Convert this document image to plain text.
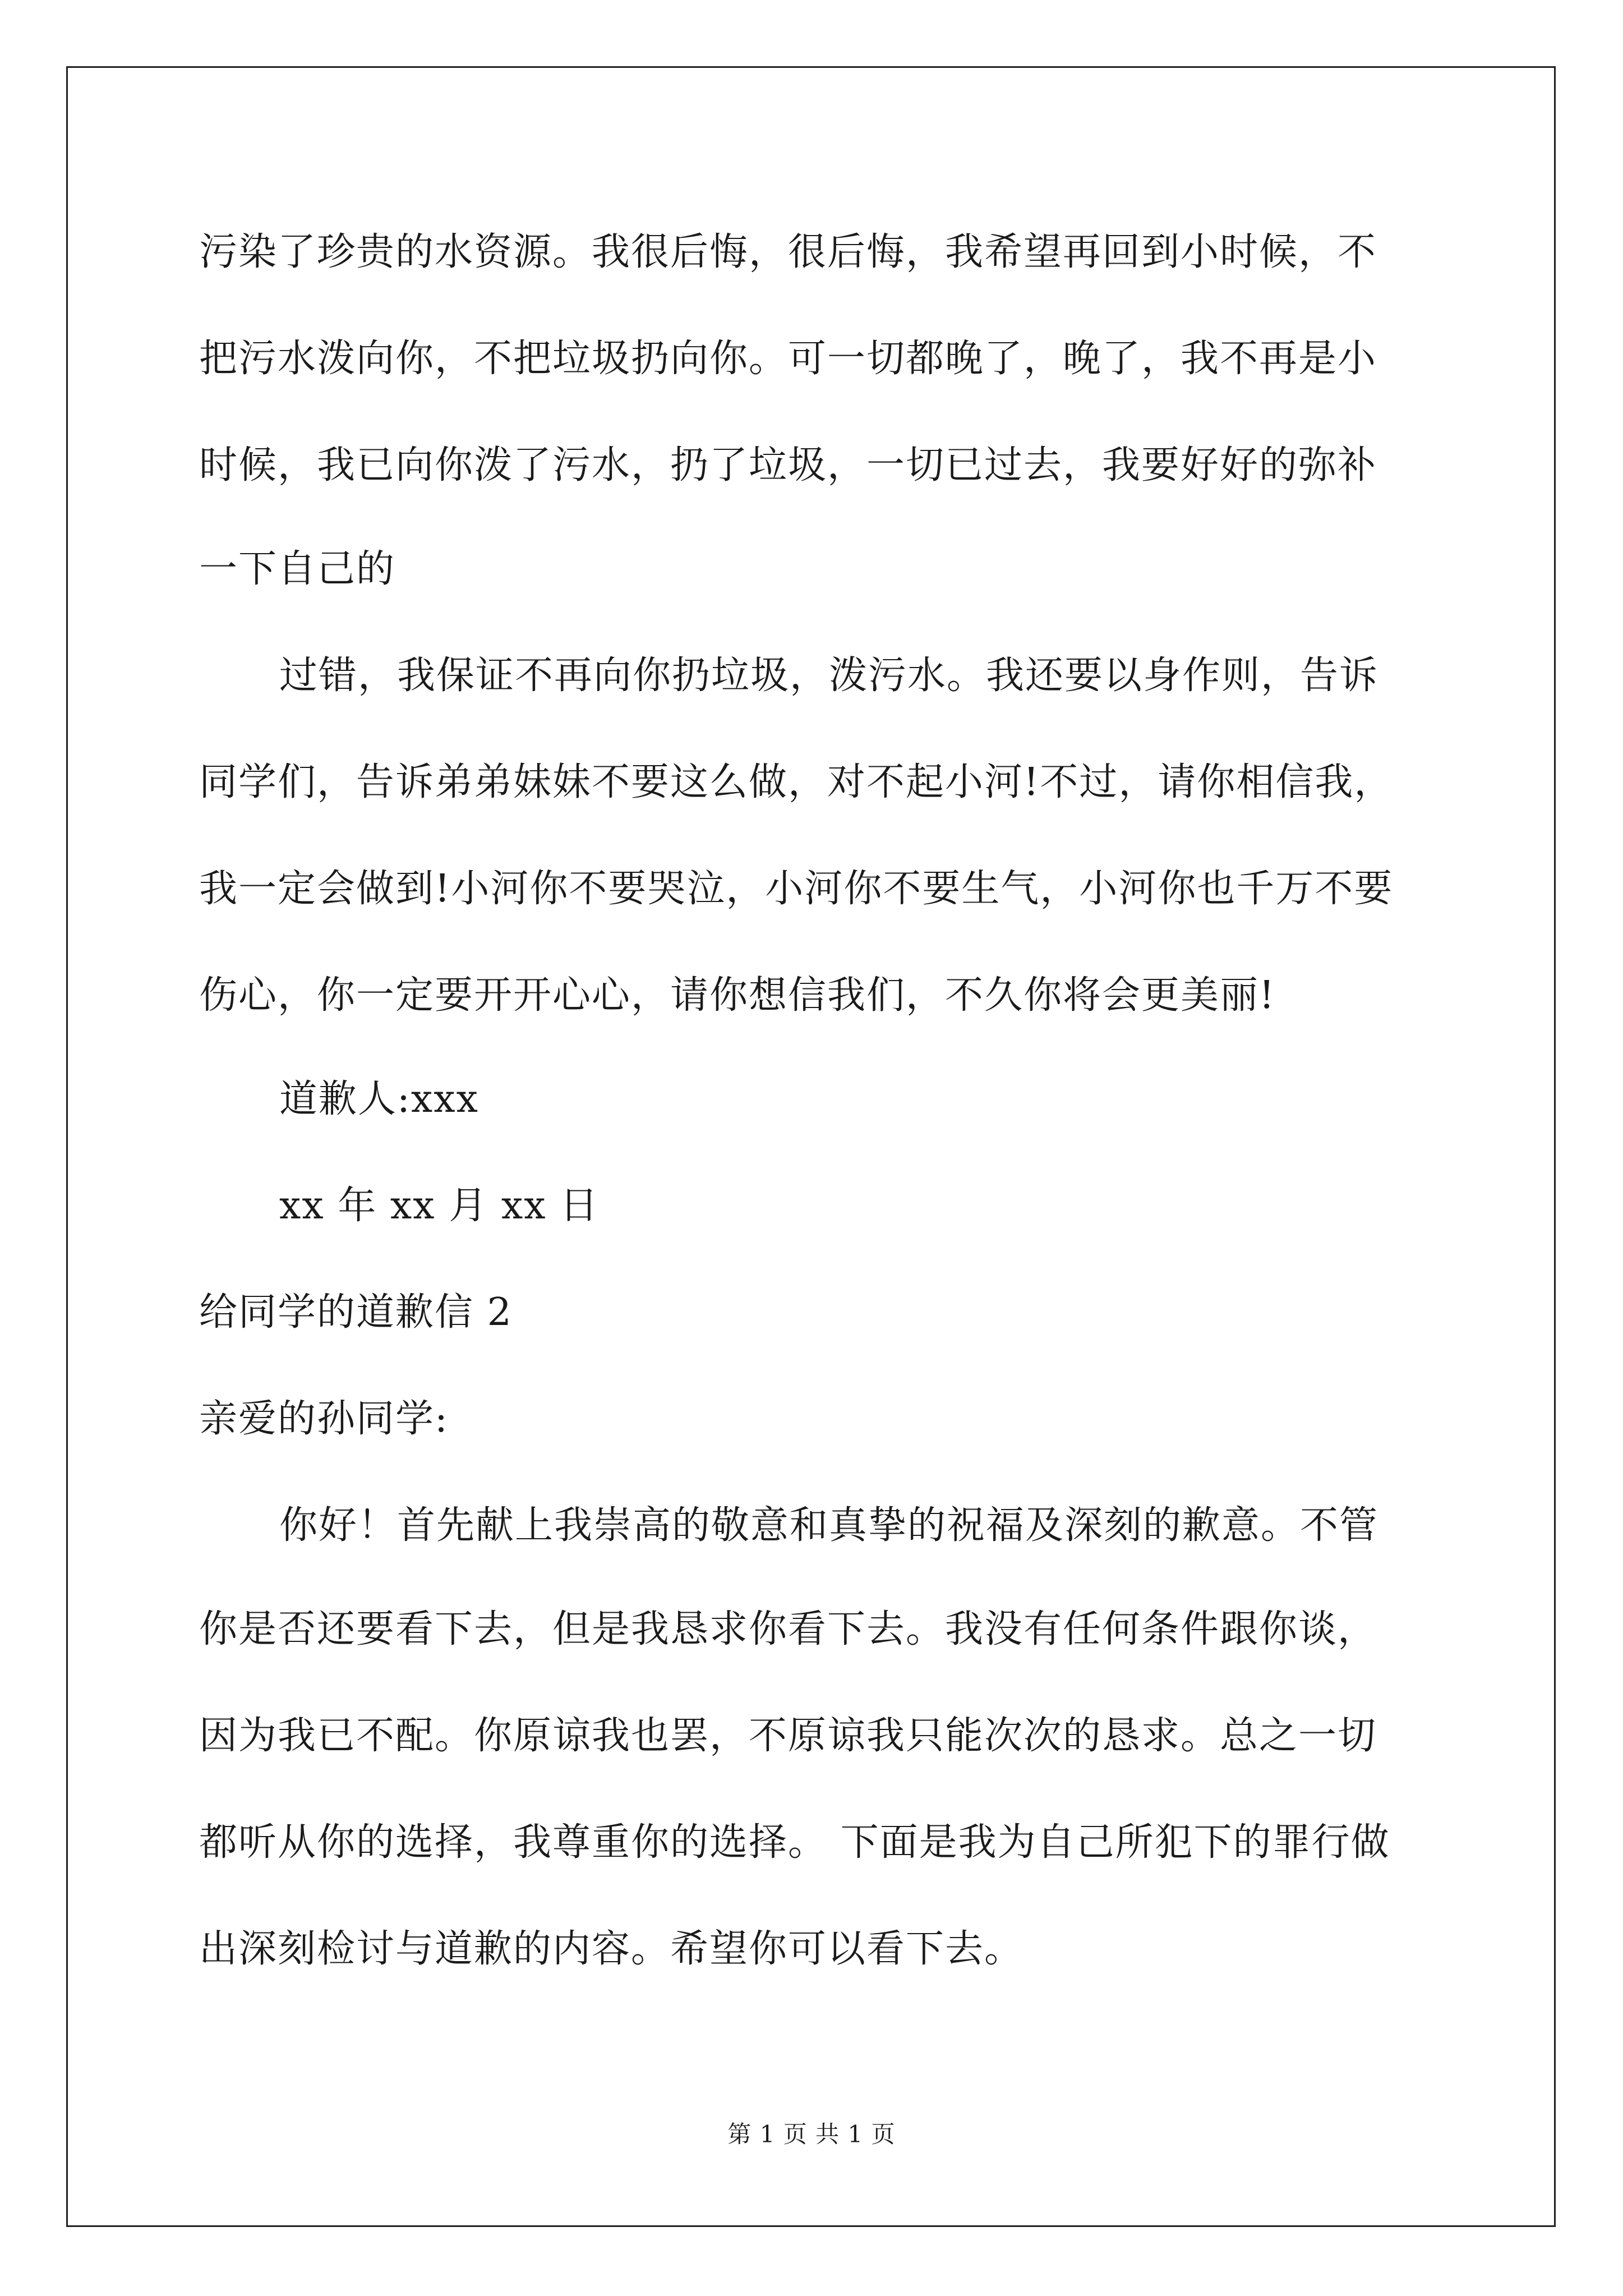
污染了珍贵的水资源。我很后悔，很后悔，我希望再回到小时候，不
把污水泼向你，不把垃圾扔向你。可一切都晚了，晚了，我不再是小
时候，我已向你泼了污水，扔了垃圾，一切已过去，我要好好的弥补
一下自己的
过错，我保证不再向你扔垃圾，泼污水。我还要以身作则，告诉
同学们，告诉弟弟妹妹不要这么做，对不起小河!不过，请你相信我，
我一定会做到!小河你不要哭泣，小河你不要生气，小河你也千万不要
伤心，你一定要开开心心，请你想信我们，不久你将会更美丽!
道歉人:xxx
xx 年 xx 月 xx 日
给同学的道歉信 2
亲爱的孙同学:
你好！首先献上我崇高的敬意和真挚的祝福及深刻的歉意。不管
你是否还要看下去，但是我恳求你看下去。我没有任何条件跟你谈，
因为我已不配。你原谅我也罢，不原谅我只能次次的恳求。总之一切
都听从你的选择，我尊重你的选择。 下面是我为自己所犯下的罪行做
出深刻检讨与道歉的内容。希望你可以看下去。
第 1 页 共 1 页
